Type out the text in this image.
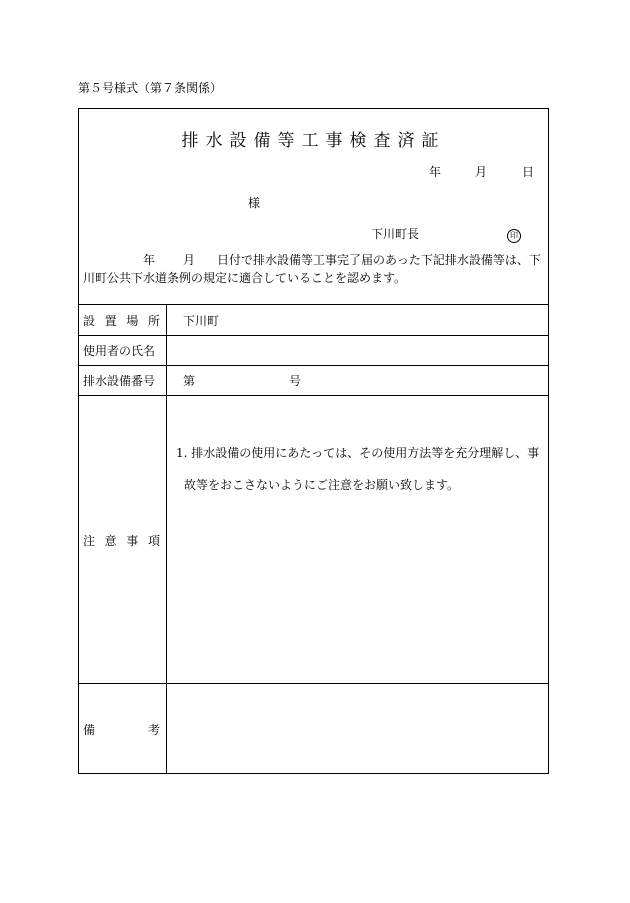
第５号様式（第７条関係）
排水設備等工事検査済証
年	月	日
様
下川町長	印
年 月 日付で排水設備等工事完了届のあった下記排水設備等は、下
川町公共下水道条例の規定に適合していることを認めます。
設 置 場 所 下川町
使用者の氏名
排水設備番号 第	号
注 意 事 項
1. 排水設備の使用にあたっては、その使用方法等を充分理解し、事
故等をおこさないようにご注意をお願い致します。
備	考
